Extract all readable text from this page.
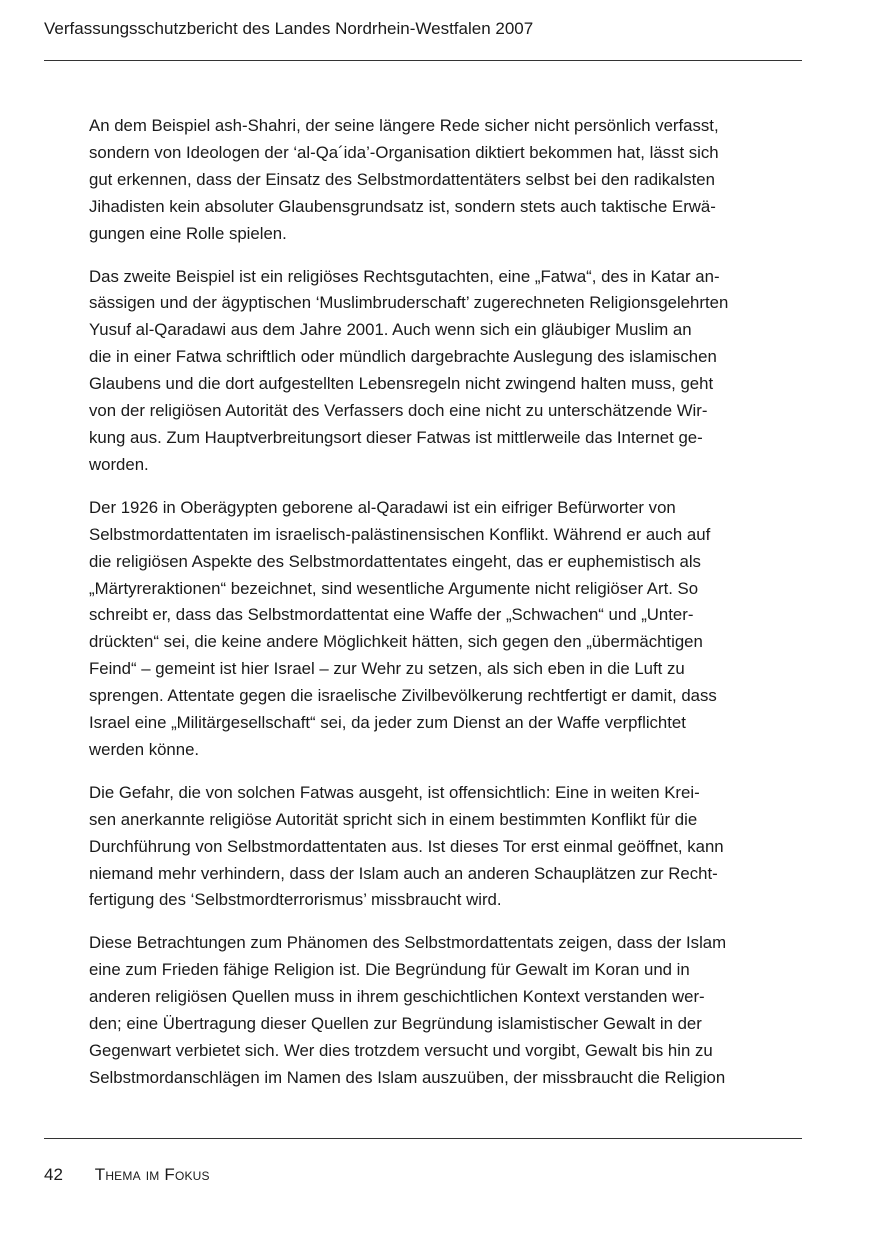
Verfassungsschutzbericht des Landes Nordrhein-Westfalen 2007

An dem Beispiel ash-Shahri, der seine längere Rede sicher nicht persönlich verfasst,
sondern von Ideologen der ‘al-Qa´ida’-Organisation diktiert bekommen hat, lässt sich
gut erkennen, dass der Einsatz des Selbstmordattentäters selbst bei den radikalsten
Jihadisten kein absoluter Glaubensgrundsatz ist, sondern stets auch taktische Erwä-
gungen eine Rolle spielen.

Das zweite Beispiel ist ein religiöses Rechtsgutachten, eine „Fatwa“, des in Katar an-
sässigen und der ägyptischen ‘Muslimbruderschaft’ zugerechneten Religionsgelehrten
Yusuf al-Qaradawi aus dem Jahre 2001. Auch wenn sich ein gläubiger Muslim an
die in einer Fatwa schriftlich oder mündlich dargebrachte Auslegung des islamischen
Glaubens und die dort aufgestellten Lebensregeln nicht zwingend halten muss, geht
von der religiösen Autorität des Verfassers doch eine nicht zu unterschätzende Wir-
kung aus. Zum Hauptverbreitungsort dieser Fatwas ist mittlerweile das Internet ge-
worden.

Der 1926 in Oberägypten geborene al-Qaradawi ist ein eifriger Befürworter von
Selbstmordattentaten im israelisch-palästinensischen Konflikt. Während er auch auf
die religiösen Aspekte des Selbstmordattentates eingeht, das er euphemistisch als
„Märtyreraktionen“ bezeichnet, sind wesentliche Argumente nicht religiöser Art. So
schreibt er, dass das Selbstmordattentat eine Waffe der „Schwachen“ und „Unter-
drückten“ sei, die keine andere Möglichkeit hätten, sich gegen den „übermächtigen
Feind“ – gemeint ist hier Israel – zur Wehr zu setzen, als sich eben in die Luft zu
sprengen. Attentate gegen die israelische Zivilbevölkerung rechtfertigt er damit, dass
Israel eine „Militärgesellschaft“ sei, da jeder zum Dienst an der Waffe verpflichtet
werden könne.

Die Gefahr, die von solchen Fatwas ausgeht, ist offensichtlich: Eine in weiten Krei-
sen anerkannte religiöse Autorität spricht sich in einem bestimmten Konflikt für die
Durchführung von Selbstmordattentaten aus. Ist dieses Tor erst einmal geöffnet, kann
niemand mehr verhindern, dass der Islam auch an anderen Schauplätzen zur Recht-
fertigung des ‘Selbstmordterrorismus’ missbraucht wird.

Diese Betrachtungen zum Phänomen des Selbstmordattentats zeigen, dass der Islam
eine zum Frieden fähige Religion ist. Die Begründung für Gewalt im Koran und in
anderen religiösen Quellen muss in ihrem geschichtlichen Kontext verstanden wer-
den; eine Übertragung dieser Quellen zur Begründung islamistischer Gewalt in der
Gegenwart verbietet sich. Wer dies trotzdem versucht und vorgibt, Gewalt bis hin zu
Selbstmordanschlägen im Namen des Islam auszuüben, der missbraucht die Religion

42 Thema im Fokus
